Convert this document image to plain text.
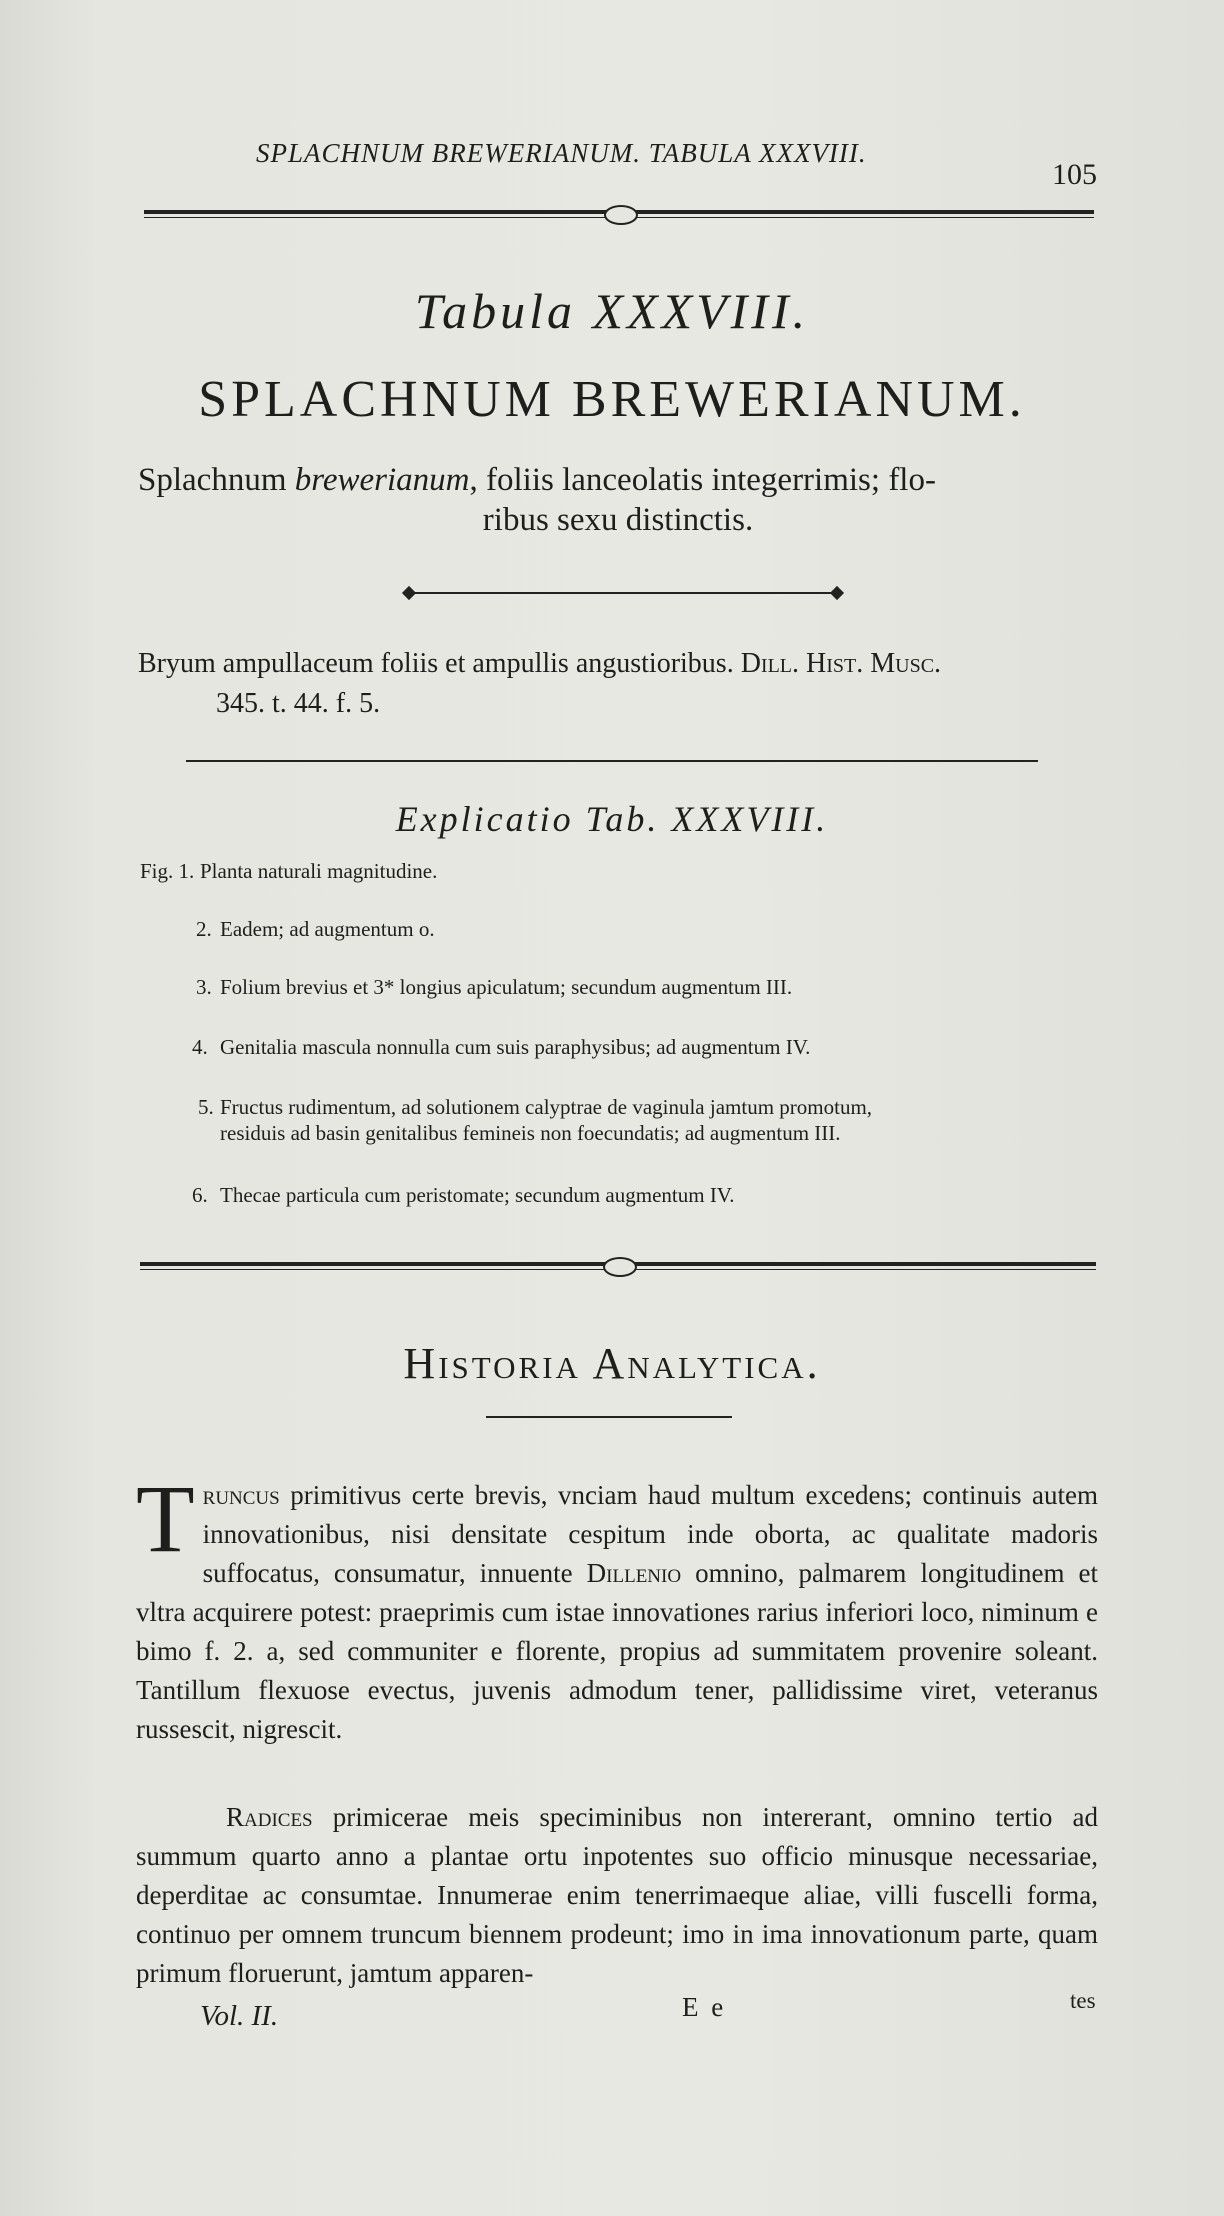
SPLACHNUM BREWERIANUM. TABULA XXXVIII.
105
Tabula XXXVIII.
SPLACHNUM BREWERIANUM.
Splachnum brewerianum, foliis lanceolatis integerrimis; flo-
ribus sexu distinctis.
Bryum ampullaceum foliis et ampullis angustioribus. Dill. Hist. Musc.
345. t. 44. f. 5.
Explicatio Tab. XXXVIII.
Fig. 1. Planta naturali magnitudine.
2. Eadem; ad augmentum o.
3. Folium brevius et 3* longius apiculatum; secundum augmentum III.
4. Genitalia mascula nonnulla cum suis paraphysibus; ad augmentum IV.
5. Fructus rudimentum, ad solutionem calyptrae de vaginula jamtum promotum,
residuis ad basin genitalibus femineis non foecundatis; ad augmentum III.
6. Thecae particula cum peristomate; secundum augmentum IV.
Historia Analytica.
Truncus primitivus certe brevis, vnciam haud multum excedens; continuis autem innovationibus, nisi densitate cespitum inde oborta, ac qualitate madoris suffocatus, consumatur, innuente Dillenio omnino, palmarem longitudinem et vltra acquirere potest: praeprimis cum istae innovationes rarius inferiori loco, niminum e bimo f. 2. a, sed communiter e florente, propius ad summitatem provenire soleant. Tantillum flexuose evectus, juvenis admodum tener, pallidissime viret, veteranus russescit, nigrescit.
Radices primicerae meis speciminibus non intererant, omnino tertio ad summum quarto anno a plantae ortu inpotentes suo officio minusque necessariae, deperditae ac consumtae. Innumerae enim tenerrimaeque aliae, villi fuscelli forma, continuo per omnem truncum biennem prodeunt; imo in ima innovationum parte, quam primum floruerunt, jamtum apparen-
Vol. II.	E e	tes
